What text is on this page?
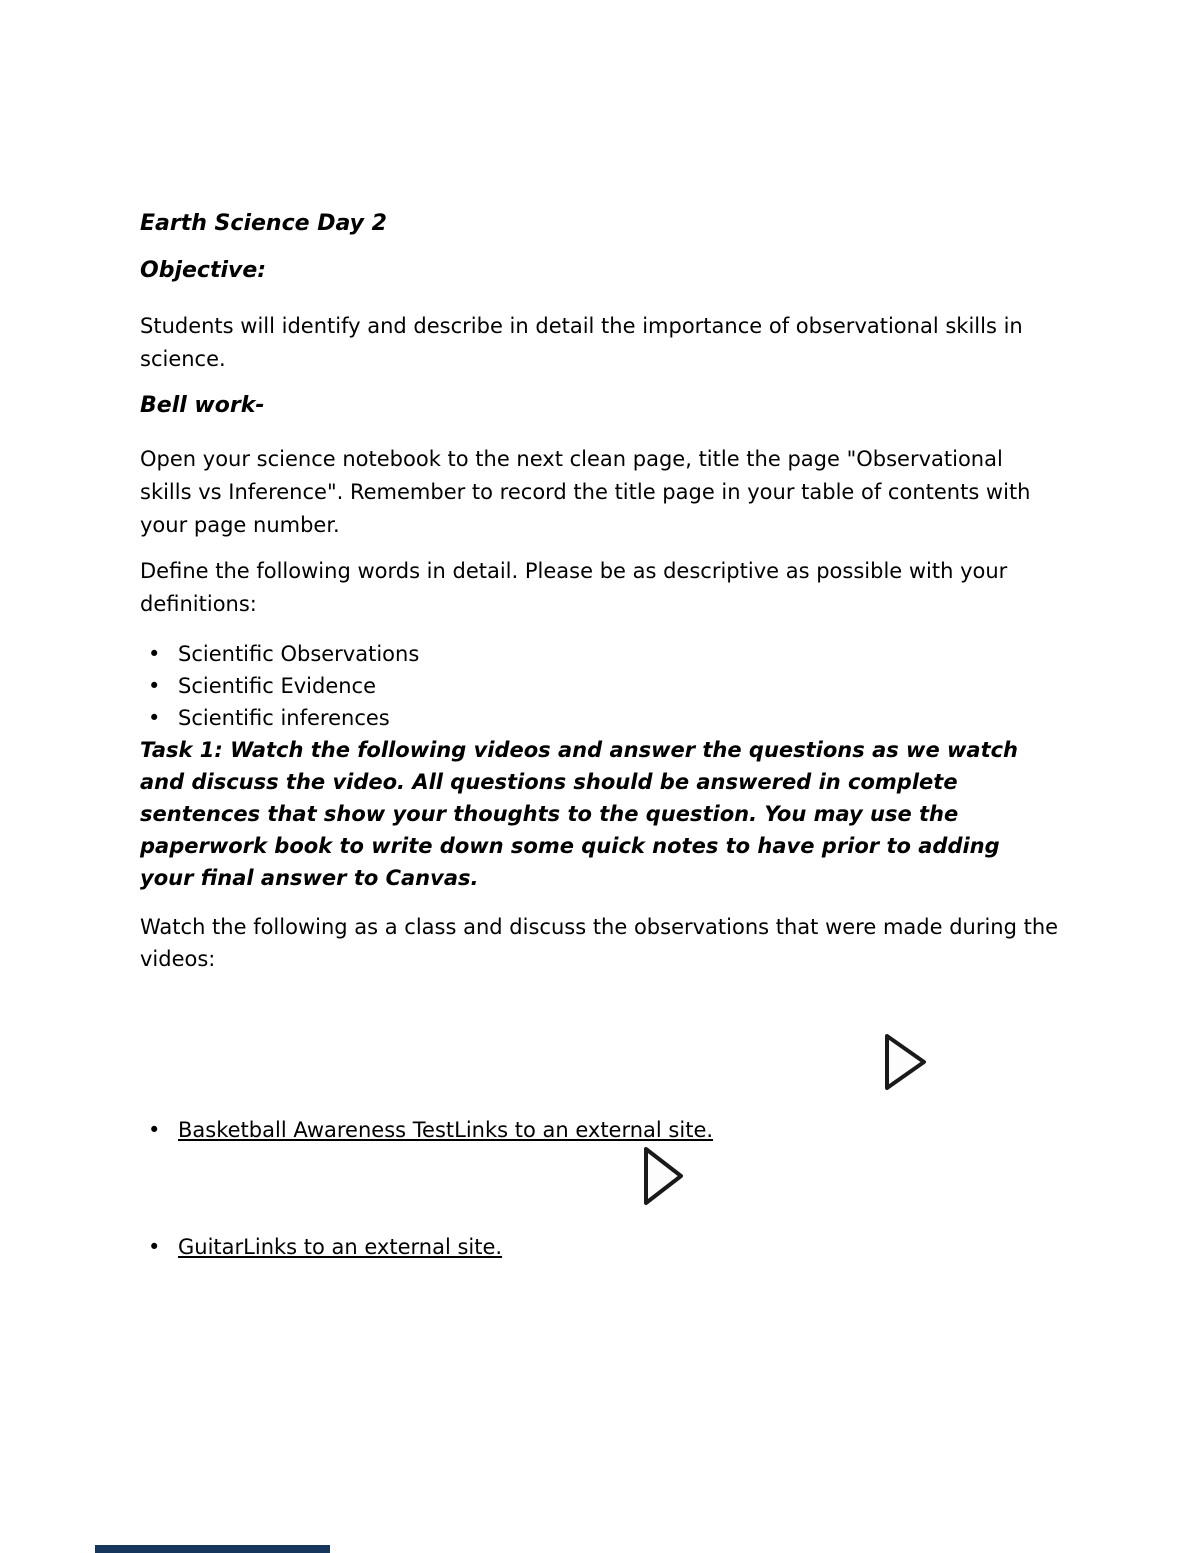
Earth Science Day 2
Objective:

Students will identify and describe in detail the importance of observational skills in science.

Bell work-

Open your science notebook to the next clean page, title the page "Observational skills vs Inference". Remember to record the title page in your table of contents with your page number.

Define the following words in detail. Please be as descriptive as possible with your definitions:

• Scientific Observations
• Scientific Evidence
• Scientific inferences

Task 1: Watch the following videos and answer the questions as we watch and discuss the video. All questions should be answered in complete sentences that show your thoughts to the question. You may use the paperwork book to write down some quick notes to have prior to adding your final answer to Canvas.

Watch the following as a class and discuss the observations that were made during the videos:

• Basketball Awareness TestLinks to an external site.
• GuitarLinks to an external site.
